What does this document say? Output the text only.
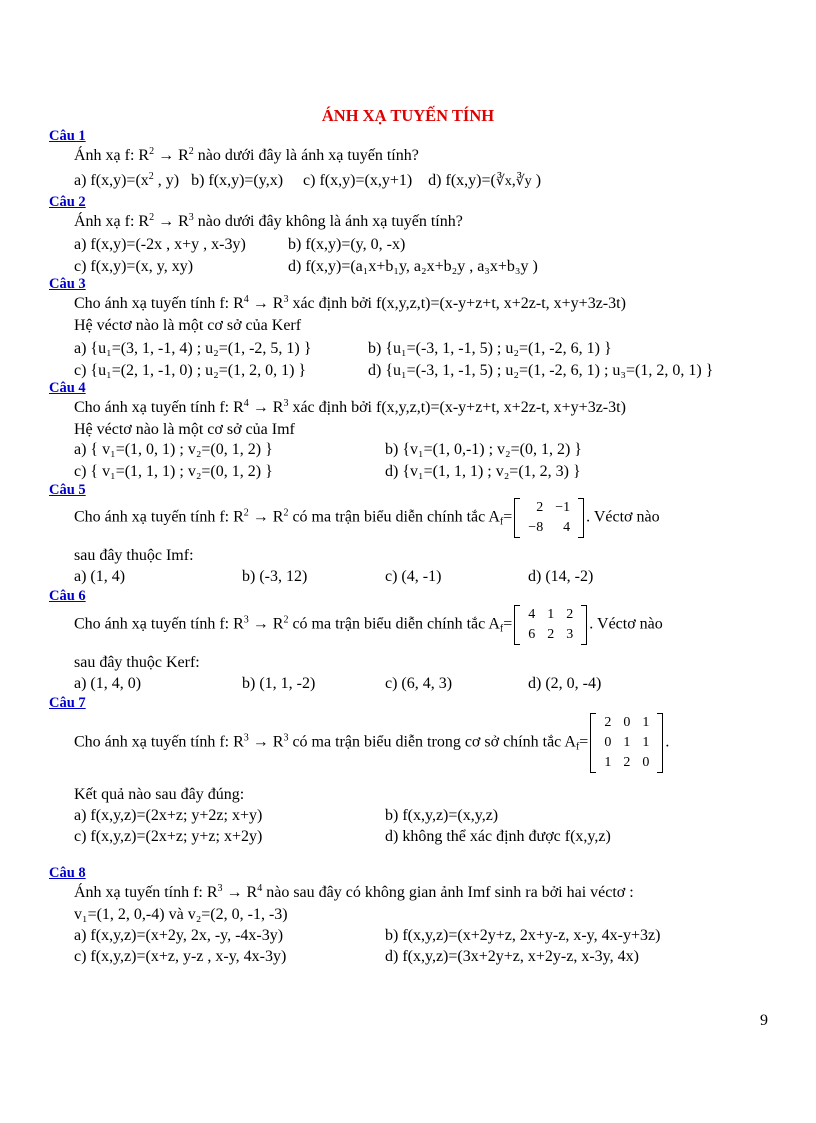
ÁNH XẠ TUYẾN TÍNH
Câu 1
Ánh xạ f: $R^2 \to R^2$ nào dưới đây là ánh xạ tuyến tính?
a) $f(x,y)=(x^2$ , y) b) f(x,y)=(y,x) c) f(x,y)=(x,y+1) d) f(x,y)=(∛x,∛y )
Câu 2
Ánh xạ f: $R^2 \to R^3$ nào dưới đây không là ánh xạ tuyến tính?
a) f(x,y)=(-2x , x+y , x-3y)	b) f(x,y)=(y, 0, -x)
c) f(x,y)=(x, y, xy)	d) f(x,y)=(a₁x+b₁y, a₂x+b₂y , a₃x+b₃y )
Câu 3
Cho ánh xạ tuyến tính f: $R^4 \to R^3$ xác định bởi f(x,y,z,t)=(x-y+z+t, x+2z-t, x+y+3z-3t)
Hệ véctơ nào là một cơ sở của Kerf
a) {u₁=(3, 1, -1, 4) ; u₂=(1, -2, 5, 1) }	b) {u₁=(-3, 1, -1, 5) ; u₂=(1, -2, 6, 1) }
c) {u₁=(2, 1, -1, 0) ; u₂=(1, 2, 0, 1) }	d) {u₁=(-3, 1, -1, 5) ; u₂=(1, -2, 6, 1) ; u₃=(1, 2, 0, 1) }
Câu 4
Cho ánh xạ tuyến tính f: $R^4 \to R^3$ xác định bởi f(x,y,z,t)=(x-y+z+t, x+2z-t, x+y+3z-3t)
Hệ véctơ nào là một cơ sở của Imf
a) { v₁=(1, 0, 1) ; v₂=(0, 1, 2) }	b) {v₁=(1, 0,-1) ; v₂=(0, 1, 2) }
c) { v₁=(1, 1, 1) ; v₂=(0, 1, 2) }	d) {v₁=(1, 1, 1) ; v₂=(1, 2, 3) }
Câu 5
Cho ánh xạ tuyến tính f: $R^2 \to R^2$ có ma trận biểu diễn chính tắc $A_f=$
2	−1
−8	4
. Véctơ nào
sau đây thuộc Imf:
a) (1, 4)	b) (-3, 12)	c) (4, -1)	d) (14, -2)
Câu 6
Cho ánh xạ tuyến tính f: $R^3 \to R^2$ có ma trận biểu diễn chính tắc $A_f=$
4	1	2
6	2	3
. Véctơ nào
sau đây thuộc Kerf:
a) (1, 4, 0)	b) (1, 1, -2)	c) (6, 4, 3)	d) (2, 0, -4)
Câu 7
Cho ánh xạ tuyến tính f: $R^3 \to R^3$ có ma trận biểu diễn trong cơ sở chính tắc $A_f=$
2	0	1
0	1	1
1	2	0
.
Kết quả nào sau đây đúng:
a) f(x,y,z)=(2x+z; y+2z; x+y)	b) f(x,y,z)=(x,y,z)
c) f(x,y,z)=(2x+z; y+z; x+2y)	d) không thể xác định được f(x,y,z)
Câu 8
Ánh xạ tuyến tính f: $R^3 \to R^4$ nào sau đây có không gian ảnh Imf sinh ra bởi hai véctơ :
v₁=(1, 2, 0,-4) và v₂=(2, 0, -1, -3)
a) f(x,y,z)=(x+2y, 2x, -y, -4x-3y)	b) f(x,y,z)=(x+2y+z, 2x+y-z, x-y, 4x-y+3z)
c) f(x,y,z)=(x+z, y-z , x-y, 4x-3y)	d) f(x,y,z)=(3x+2y+z, x+2y-z, x-3y, 4x)
9
